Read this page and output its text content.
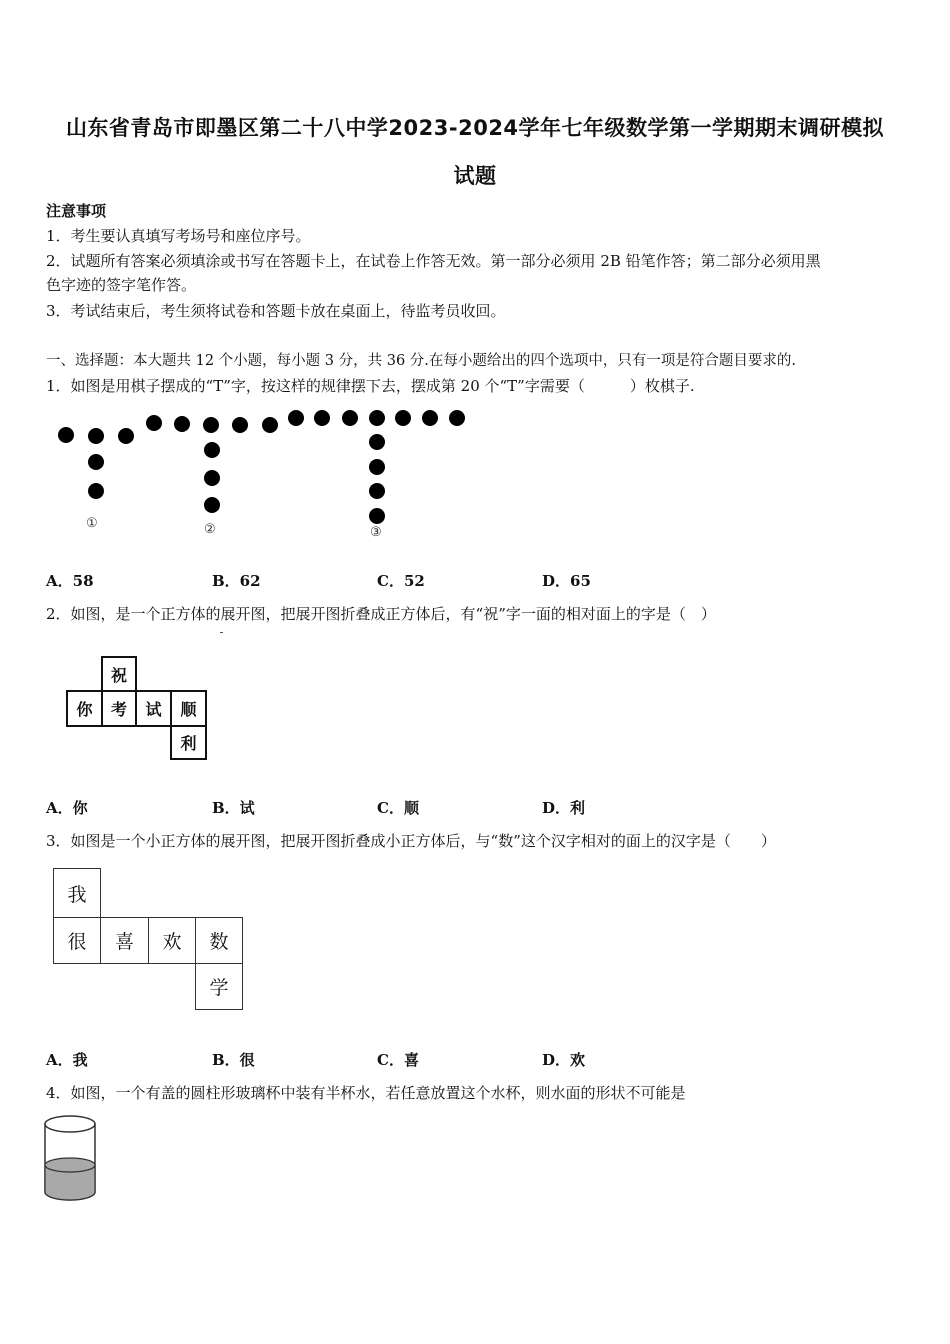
山东省青岛市即墨区第二十八中学2023-2024学年七年级数学第一学期期末调研模拟
试题
注意事项
1．考生要认真填写考场号和座位序号。
2．试题所有答案必须填涂或书写在答题卡上，在试卷上作答无效。第一部分必须用 2B 铅笔作答；第二部分必须用黑
色字迹的签字笔作答。
3．考试结束后，考生须将试卷和答题卡放在桌面上，待监考员收回。
一、选择题：本大题共 12 个小题，每小题 3 分，共 36 分.在每小题给出的四个选项中，只有一项是符合题目要求的.
1．如图是用棋子摆成的“T”字，按这样的规律摆下去，摆成第 20 个“T”字需要（　　　）枚棋子.
①	②	③
A．58	B．62	C．52	D．65
2．如图，是一个正方体的展开图，把展开图折叠成正方体后，有“祝”字一面的相对面上的字是（　）
祝
你	考	试	顺
利
A．你	B．试	C．顺	D．利
3．如图是一个小正方体的展开图，把展开图折叠成小正方体后，与“数”这个汉字相对的面上的汉字是（　　）
我
很	喜	欢	数
学
A．我	B．很	C．喜	D．欢
4．如图，一个有盖的圆柱形玻璃杯中装有半杯水，若任意放置这个水杯，则水面的形状不可能是
